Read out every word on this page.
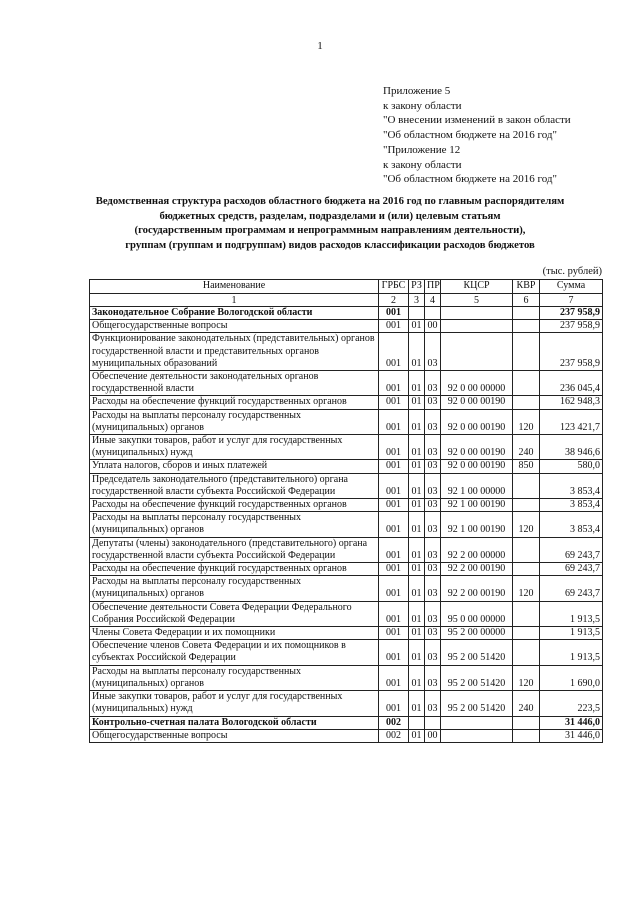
1
Приложение 5
к закону области
"О внесении изменений в закон области
"Об областном бюджете на 2016 год"
"Приложение 12
к закону области
"Об областном бюджете на 2016 год"
Ведомственная структура расходов областного бюджета на 2016 год по главным распорядителям
бюджетных средств, разделам, подразделами и (или) целевым статьям
(государственным программам и непрограммным направлениям деятельности),
группам (группам и подгруппам) видов расходов классификации расходов бюджетов
(тыс. рублей)
Наименование	ГРБС	РЗ	ПР	КЦСР	КВР	Сумма
1	2	3	4	5	6	7
Законодательное Собрание Вологодской области	001					237 958,9
Общегосударственные вопросы	001	01	00			237 958,9
Функционирование законодательных (представительных) органов государственной власти и представительных органов муниципальных образований	001	01	03			237 958,9
Обеспечение деятельности законодательных органов государственной власти	001	01	03	92 0 00 00000		236 045,4
Расходы на обеспечение функций государственных органов	001	01	03	92 0 00 00190		162 948,3
Расходы на выплаты персоналу государственных (муниципальных) органов	001	01	03	92 0 00 00190	120	123 421,7
Иные закупки товаров, работ и услуг для государственных (муниципальных) нужд	001	01	03	92 0 00 00190	240	38 946,6
Уплата налогов, сборов и иных платежей	001	01	03	92 0 00 00190	850	580,0
Председатель законодательного (представительного) органа государственной власти субъекта Российской Федерации	001	01	03	92 1 00 00000		3 853,4
Расходы на обеспечение функций государственных органов	001	01	03	92 1 00 00190		3 853,4
Расходы на выплаты персоналу государственных (муниципальных) органов	001	01	03	92 1 00 00190	120	3 853,4
Депутаты (члены) законодательного (представительного) органа государственной власти субъекта Российской Федерации	001	01	03	92 2 00 00000		69 243,7
Расходы на обеспечение функций государственных органов	001	01	03	92 2 00 00190		69 243,7
Расходы на выплаты персоналу государственных (муниципальных) органов	001	01	03	92 2 00 00190	120	69 243,7
Обеспечение деятельности Совета Федерации Федерального Собрания Российской Федерации	001	01	03	95 0 00 00000		1 913,5
Члены Совета Федерации и их помощники	001	01	03	95 2 00 00000		1 913,5
Обеспечение членов Совета Федерации и их помощников в субъектах Российской Федерации	001	01	03	95 2 00 51420		1 913,5
Расходы на выплаты персоналу государственных (муниципальных) органов	001	01	03	95 2 00 51420	120	1 690,0
Иные закупки товаров, работ и услуг для государственных (муниципальных) нужд	001	01	03	95 2 00 51420	240	223,5
Контрольно-счетная палата Вологодской области	002					31 446,0
Общегосударственные вопросы	002	01	00			31 446,0
